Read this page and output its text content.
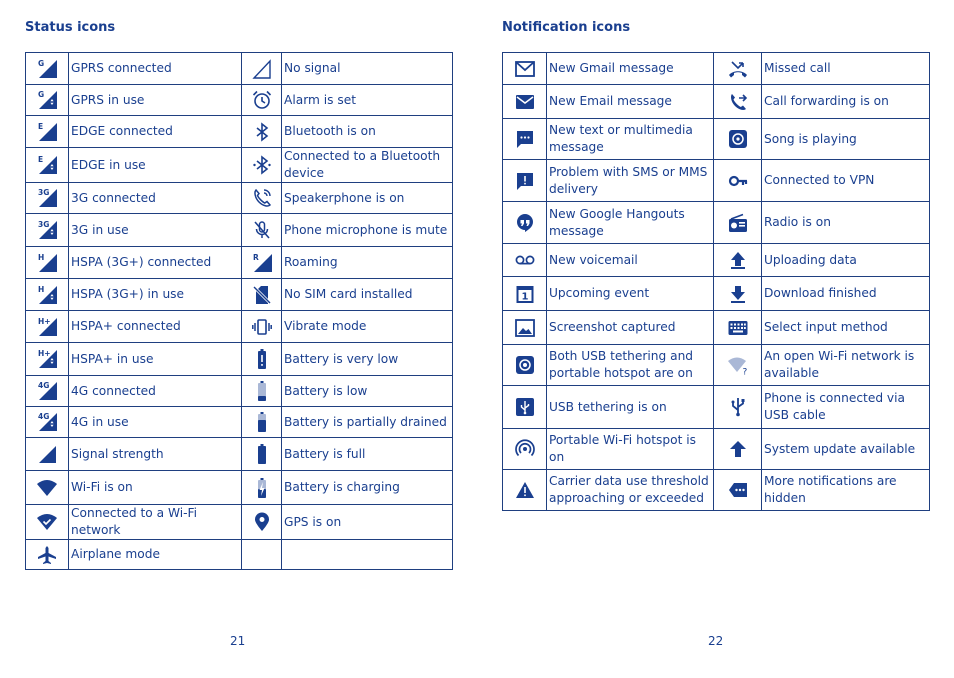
Status icons	Notification icons
G	GPRS connected		No signal

G	GPRS in use		Alarm is set

E	EDGE connected		Bluetooth is on

E	EDGE in use		Connected to a Bluetooth device

3G	3G connected		Speakerphone is on

3G	3G in use		Phone microphone is mute

H	HSPA (3G+) connected	R	Roaming

H	HSPA (3G+) in use		No SIM card installed

H+	HSPA+ connected		Vibrate mode

H+	HSPA+ in use		Battery is very low

4G	4G connected		Battery is low

4G	4G in use		Battery is partially drained

	Signal strength		Battery is full

	Wi-Fi is on		Battery is charging

	Connected to a Wi-Fi network		GPS is on

	Airplane mode		
	New Gmail message		Missed call

	New Email message		Call forwarding is on

	New text or multimedia message		Song is playing

	Problem with SMS or MMS delivery		Connected to VPN

	New Google Hangouts message		Radio is on

	New voicemail		Uploading data

1	Upcoming event		Download finished

	Screenshot captured		Select input method

	Both USB tethering and portable hotspot are on	?	An open Wi-Fi network is available

	USB tethering is on		Phone is connected via USB cable

	Portable Wi-Fi hotspot is on		System update available

	Carrier data use threshold approaching or exceeded		More notifications are hidden
21	22
